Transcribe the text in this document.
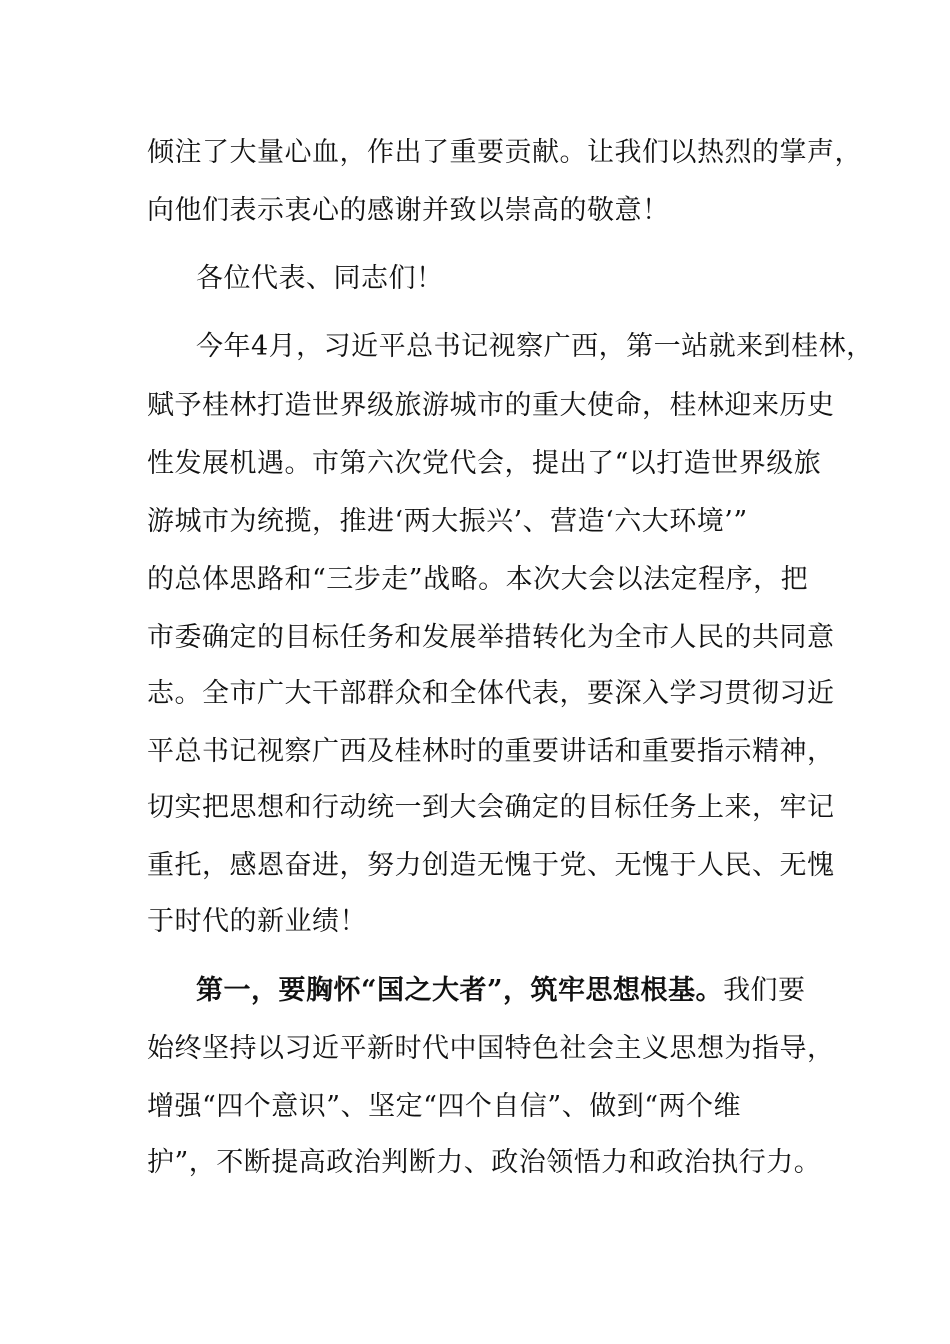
倾注了大量心血，作出了重要贡献。让我们以热烈的掌声，
向他们表示衷心的感谢并致以崇高的敬意！
各位代表、同志们！
今年4月，习近平总书记视察广西，第一站就来到桂林，
赋予桂林打造世界级旅游城市的重大使命，桂林迎来历史
性发展机遇。市第六次党代会，提出了“以打造世界级旅
游城市为统揽，推进‘两大振兴’、营造‘六大环境’”
的总体思路和“三步走”战略。本次大会以法定程序，把
市委确定的目标任务和发展举措转化为全市人民的共同意
志。全市广大干部群众和全体代表，要深入学习贯彻习近
平总书记视察广西及桂林时的重要讲话和重要指示精神，
切实把思想和行动统一到大会确定的目标任务上来，牢记
重托，感恩奋进，努力创造无愧于党、无愧于人民、无愧
于时代的新业绩！
第一，要胸怀“国之大者”，筑牢思想根基。我们要
始终坚持以习近平新时代中国特色社会主义思想为指导，
增强“四个意识”、坚定“四个自信”、做到“两个维
护”，不断提高政治判断力、政治领悟力和政治执行力。
